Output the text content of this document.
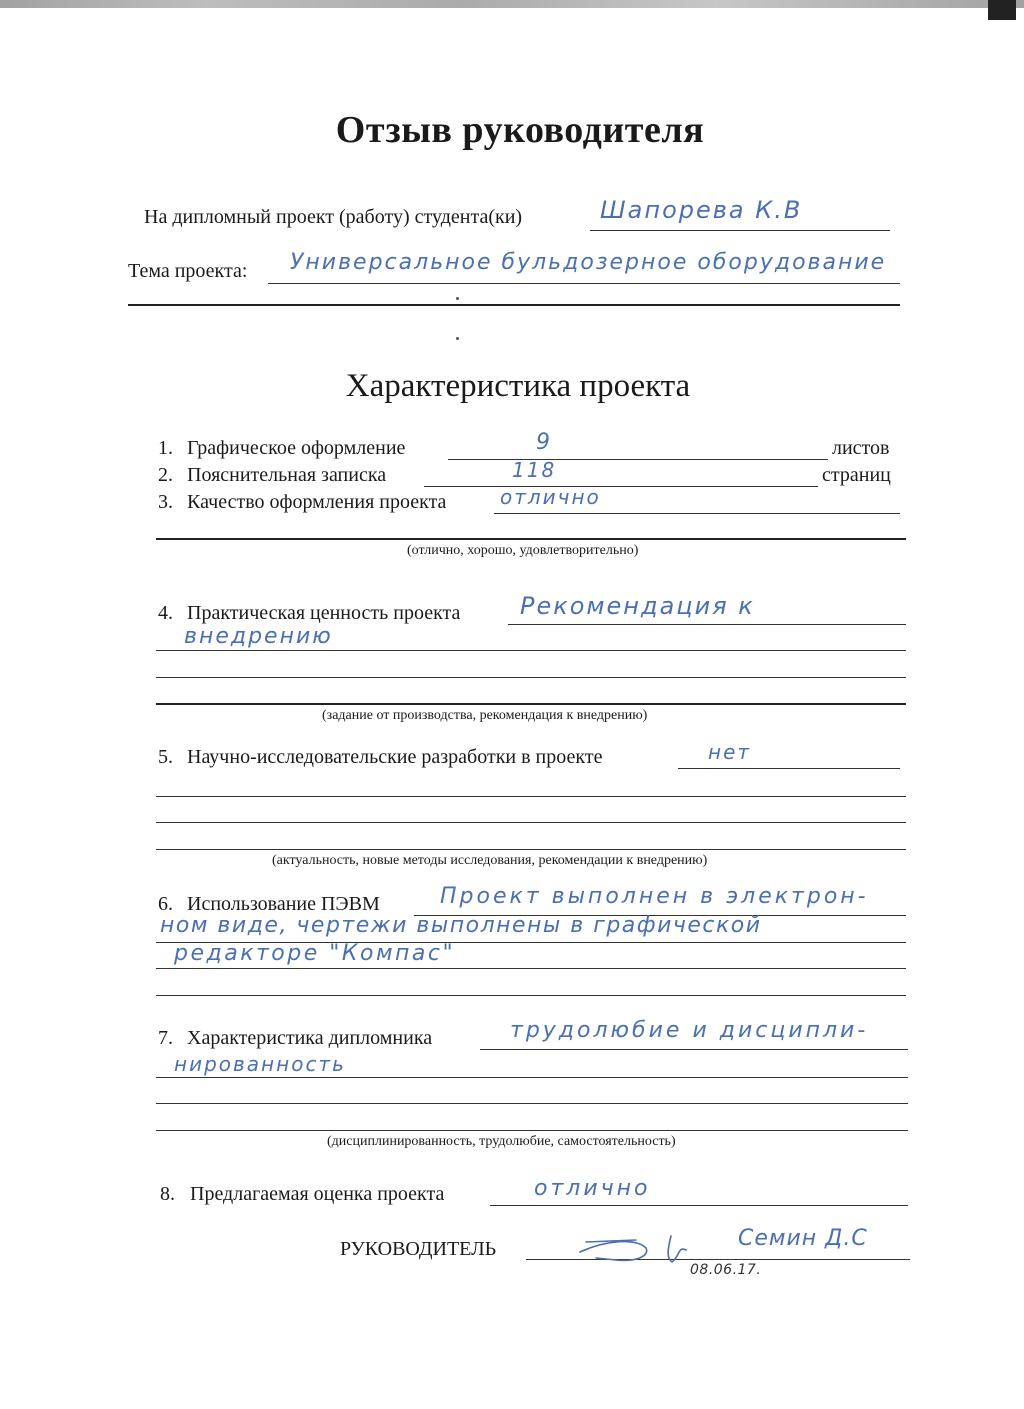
Отзыв руководителя
На дипломный проект (работу) студента(ки)	Шапорева К.В
Тема проекта: Универсальное бульдозерное оборудование
Характеристика проекта
1. Графическое оформление	9	листов
2. Пояснительная записка	118	страниц
3. Качество оформления проекта	отлично
(отлично, хорошо, удовлетворительно)
4. Практическая ценность проекта Рекомендация к
внедрению
(задание от производства, рекомендация к внедрению)
5. Научно-исследовательские разработки в проекте	нет
(актуальность, новые методы исследования, рекомендации к внедрению)
6. Использование ПЭВМ	Проект выполнен в электрон-
ном виде, чертежи выполнены в графической
редакторе "Компас"
7. Характеристика дипломника	трудолюбие и дисципли-
нированность
(дисциплинированность, трудолюбие, самостоятельность)
8. Предлагаемая оценка проекта	отлично
РУКОВОДИТЕЛЬ	Семин Д.С
08.06.17.
